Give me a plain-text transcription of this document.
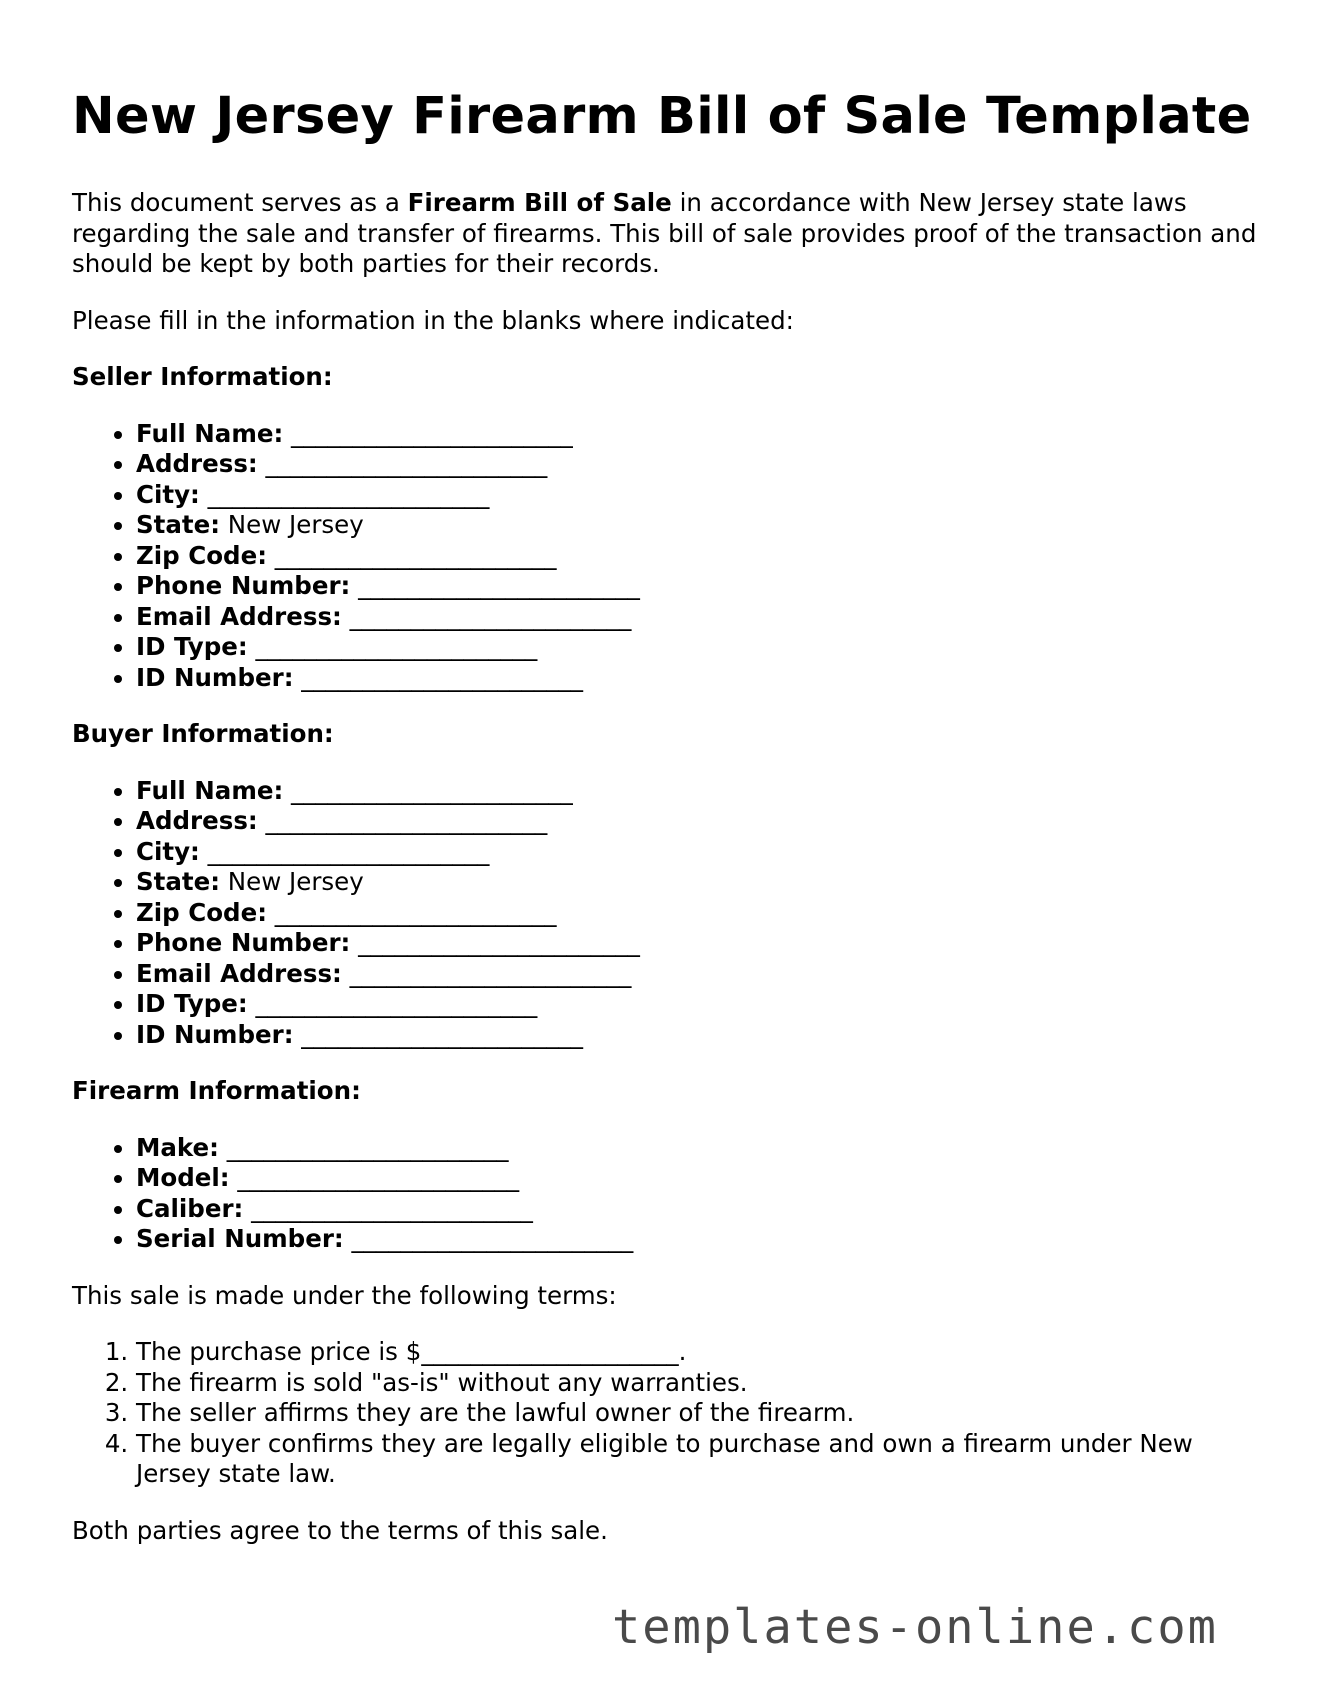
New Jersey Firearm Bill of Sale Template

This document serves as a Firearm Bill of Sale in accordance with New Jersey state laws regarding the sale and transfer of firearms. This bill of sale provides proof of the transaction and should be kept by both parties for their records.

Please fill in the information in the blanks where indicated:

Seller Information:
• Full Name: _______________________
• Address: _______________________
• City: _______________________
• State: New Jersey
• Zip Code: _______________________
• Phone Number: _______________________
• Email Address: _______________________
• ID Type: _______________________
• ID Number: _______________________
Buyer Information:
• Full Name: _______________________
• Address: _______________________
• City: _______________________
• State: New Jersey
• Zip Code: _______________________
• Phone Number: _______________________
• Email Address: _______________________
• ID Type: _______________________
• ID Number: _______________________
Firearm Information:
• Make: _______________________
• Model: _______________________
• Caliber: _______________________
• Serial Number: _______________________

This sale is made under the following terms:

1. The purchase price is $_____________________.
2. The firearm is sold "as-is" without any warranties.
3. The seller affirms they are the lawful owner of the firearm.
4. The buyer confirms they are legally eligible to purchase and own a firearm under New Jersey state law.

Both parties agree to the terms of this sale.

templates-online.com
